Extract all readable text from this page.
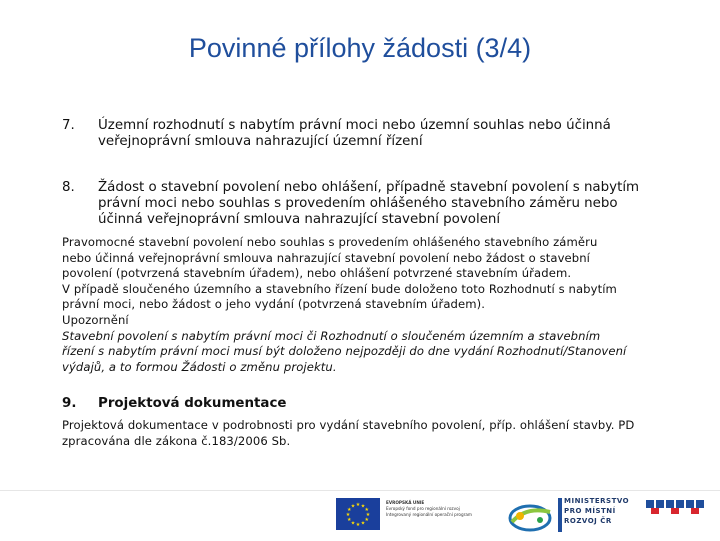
Povinné přílohy žádosti (3/4)
7. Územní rozhodnutí s nabytím právní moci nebo územní souhlas nebo účinná
veřejnoprávní smlouva nahrazující územní řízení
8. Žádost o stavební povolení nebo ohlášení, případně stavební povolení s nabytím
právní moci nebo souhlas s provedením ohlášeného stavebního záměru nebo
účinná veřejnoprávní smlouva nahrazující stavební povolení
Pravomocné stavební povolení nebo souhlas s provedením ohlášeného stavebního záměru
nebo účinná veřejnoprávní smlouva nahrazující stavební povolení nebo žádost o stavební
povolení (potvrzená stavebním úřadem), nebo ohlášení potvrzené stavebním úřadem.
V případě sloučeného územního a stavebního řízení bude doloženo toto Rozhodnutí s nabytím
právní moci, nebo žádost o jeho vydání (potvrzená stavebním úřadem).
Upozornění
Stavební povolení s nabytím právní moci či Rozhodnutí o sloučeném územním a stavebním
řízení s nabytím právní moci musí být doloženo nejpozději do dne vydání Rozhodnutí/Stanovení
výdajů, a to formou Žádosti o změnu projektu.
9. Projektová dokumentace
Projektová dokumentace v podrobnosti pro vydání stavebního povolení, příp. ohlášení stavby. PD
zpracována dle zákona č.183/2006 Sb.
★ ★
★
★
★
★
★
★
★
★
★
★
EVROPSKÁ UNIE
Evropský fond pro regionální rozvoj
Integrovaný regionální operační program
MINISTERSTVO
PRO MÍSTNÍ
ROZVOJ ČR
